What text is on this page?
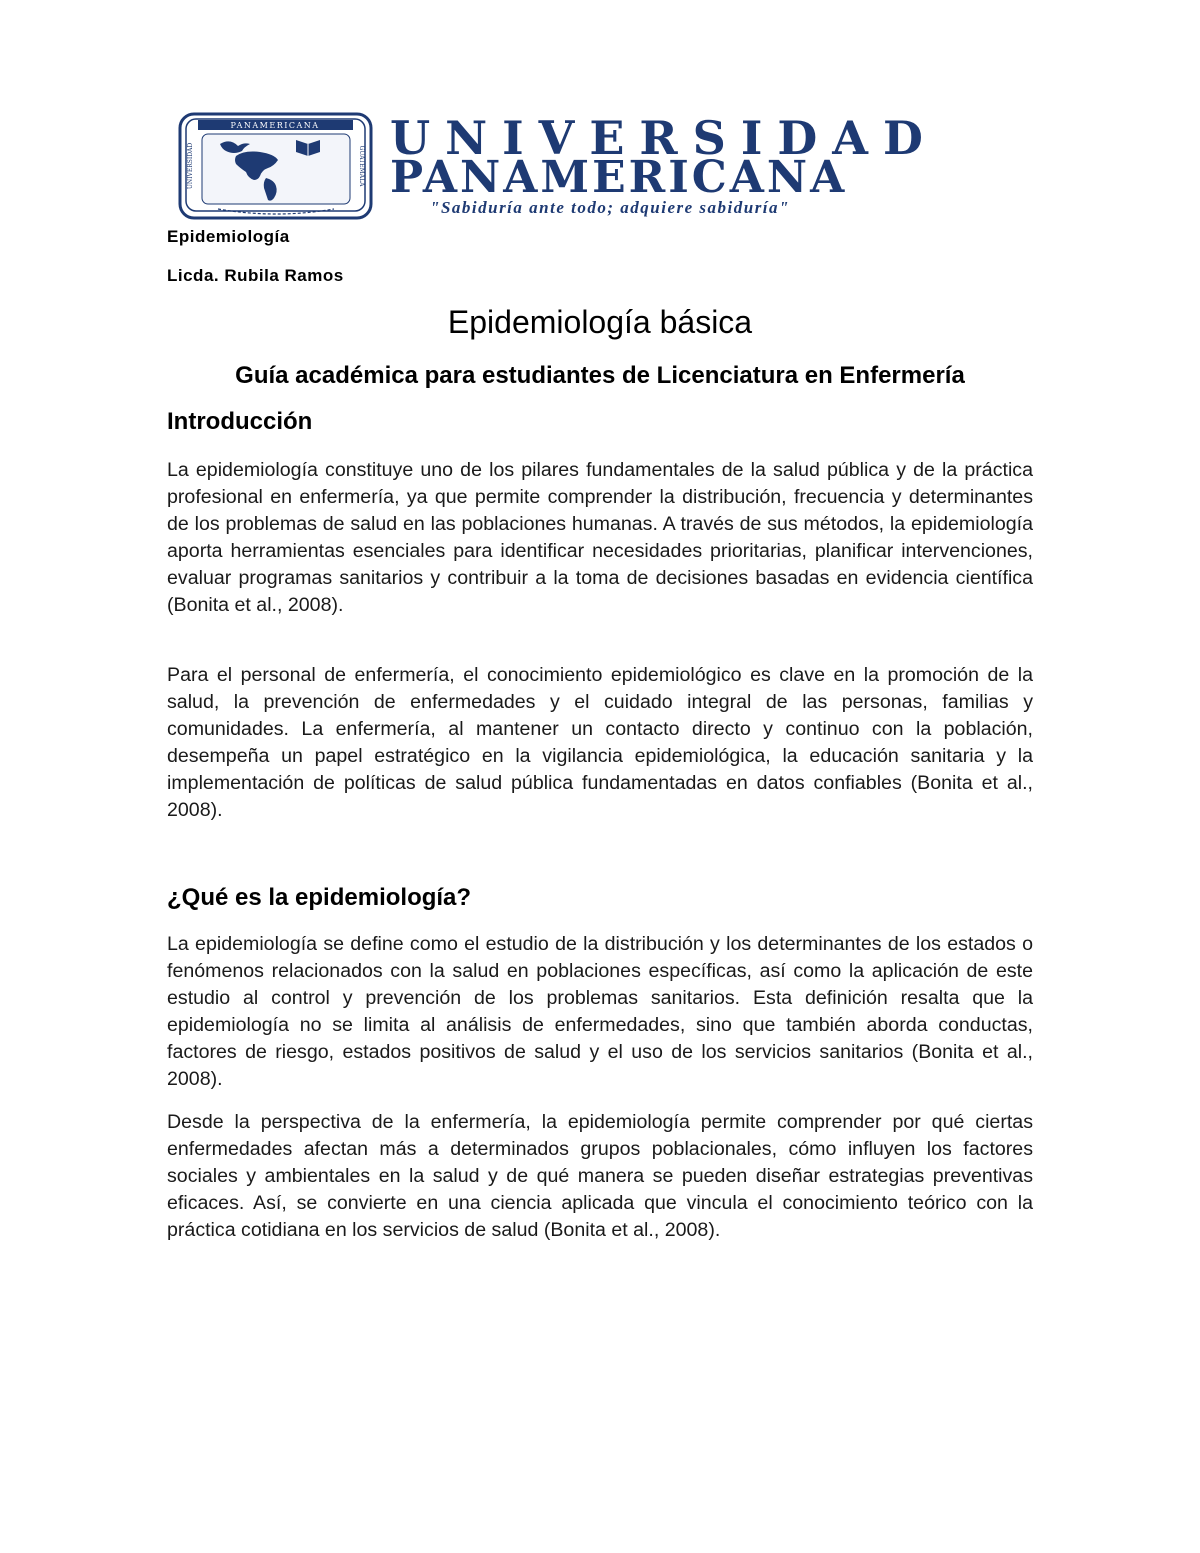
PANAMERICANA
UNIVERSIDAD	GUATEMALA
UNIVERSIDAD
PANAMERICANA
"Sabiduría ante todo; adquiere sabiduría"
Epidemiología
Licda. Rubila Ramos
Epidemiología básica
Guía académica para estudiantes de Licenciatura en Enfermería
Introducción

La epidemiología constituye uno de los pilares fundamentales de la salud pública y de la práctica profesional en enfermería, ya que permite comprender la distribución, frecuencia y determinantes de los problemas de salud en las poblaciones humanas. A través de sus métodos, la epidemiología aporta herramientas esenciales para identificar necesidades prioritarias, planificar intervenciones, evaluar programas sanitarios y contribuir a la toma de decisiones basadas en evidencia científica (Bonita et al., 2008).

Para el personal de enfermería, el conocimiento epidemiológico es clave en la promoción de la salud, la prevención de enfermedades y el cuidado integral de las personas, familias y comunidades. La enfermería, al mantener un contacto directo y continuo con la población, desempeña un papel estratégico en la vigilancia epidemiológica, la educación sanitaria y la implementación de políticas de salud pública fundamentadas en datos confiables (Bonita et al., 2008).

¿Qué es la epidemiología?

La epidemiología se define como el estudio de la distribución y los determinantes de los estados o fenómenos relacionados con la salud en poblaciones específicas, así como la aplicación de este estudio al control y prevención de los problemas sanitarios. Esta definición resalta que la epidemiología no se limita al análisis de enfermedades, sino que también aborda conductas, factores de riesgo, estados positivos de salud y el uso de los servicios sanitarios (Bonita et al., 2008).

Desde la perspectiva de la enfermería, la epidemiología permite comprender por qué ciertas enfermedades afectan más a determinados grupos poblacionales, cómo influyen los factores sociales y ambientales en la salud y de qué manera se pueden diseñar estrategias preventivas eficaces. Así, se convierte en una ciencia aplicada que vincula el conocimiento teórico con la práctica cotidiana en los servicios de salud (Bonita et al., 2008).
